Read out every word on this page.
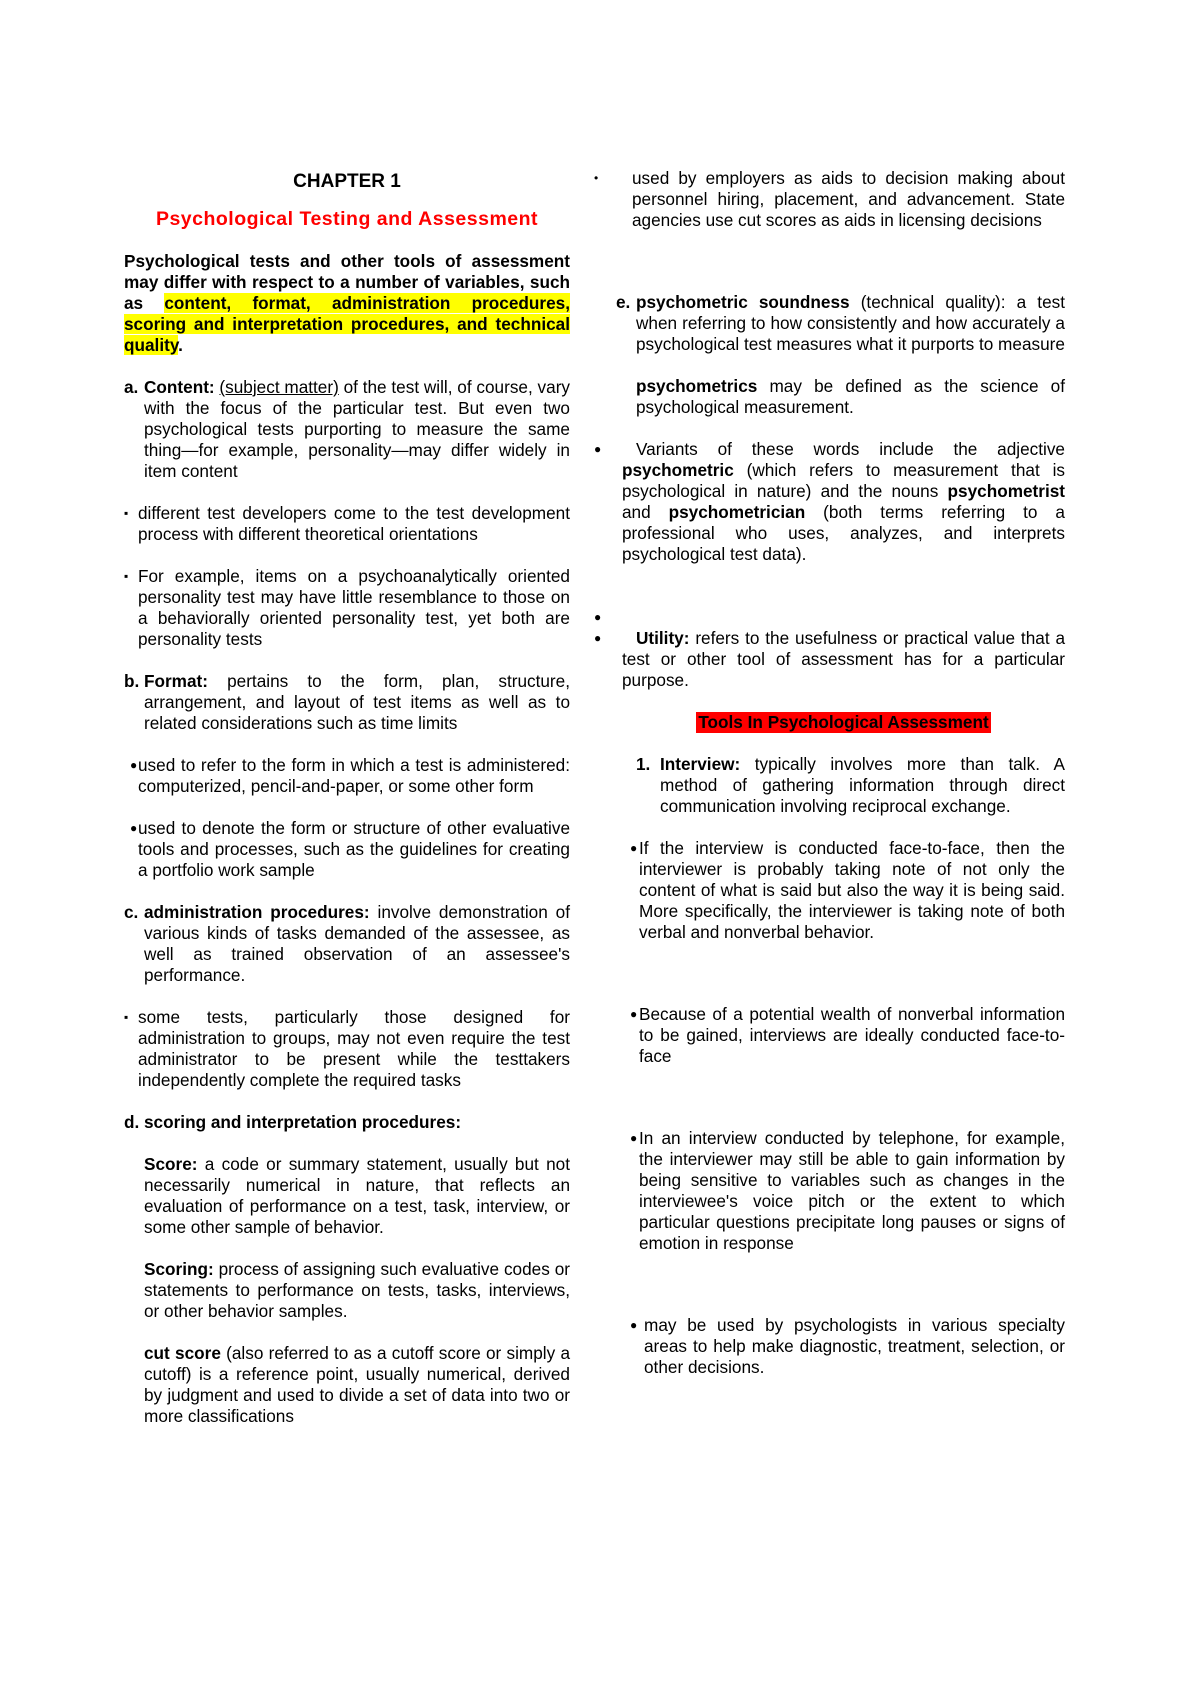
CHAPTER 1

Psychological Testing and Assessment

Psychological tests and other tools of assessment may differ with respect to a number of variables, such as content, format, administration procedures, scoring and interpretation procedures, and technical quality.

a. Content: (subject matter) of the test will, of course, vary with the focus of the particular test. But even two psychological tests purporting to measure the same thing—for example, personality—may differ widely in item content

▪ different test developers come to the test development process with different theoretical orientations

▪ For example, items on a psychoanalytically oriented personality test may have little resemblance to those on a behaviorally oriented personality test, yet both are personality tests

b. Format: pertains to the form, plan, structure, arrangement, and layout of test items as well as to related considerations such as time limits

● used to refer to the form in which a test is administered: computerized, pencil-and-paper, or some other form

● used to denote the form or structure of other evaluative tools and processes, such as the guidelines for creating a portfolio work sample

c. administration procedures: involve demonstration of various kinds of tasks demanded of the assessee, as well as trained observation of an assessee's performance.

▪ some tests, particularly those designed for administration to groups, may not even require the test administrator to be present while the testtakers independently complete the required tasks

d. scoring and interpretation procedures:

Score: a code or summary statement, usually but not necessarily numerical in nature, that reflects an evaluation of performance on a test, task, interview, or some other sample of behavior.

Scoring: process of assigning such evaluative codes or statements to performance on tests, tasks, interviews, or other behavior samples.

cut score (also referred to as a cutoff score or simply a cutoff) is a reference point, usually numerical, derived by judgment and used to divide a set of data into two or more classifications

•	used by employers as aids to decision making about personnel hiring, placement, and advancement. State agencies use cut scores as aids in licensing decisions

e. psychometric soundness (technical quality): a test when referring to how consistently and how accurately a psychological test measures what it purports to measure

psychometrics may be defined as the science of psychological measurement.

●	Variants of these words include the adjective psychometric (which refers to measurement that is psychological in nature) and the nouns psychometrist and psychometrician (both terms referring to a professional who uses, analyzes, and interprets psychological test data).

●
●	Utility: refers to the usefulness or practical value that a test or other tool of assessment has for a particular purpose.

Tools In Psychological Assessment

1. Interview: typically involves more than talk. A method of gathering information through direct communication involving reciprocal exchange.

● If the interview is conducted face-to-face, then the interviewer is probably taking note of not only the content of what is said but also the way it is being said. More specifically, the interviewer is taking note of both verbal and nonverbal behavior.

● Because of a potential wealth of nonverbal information to be gained, interviews are ideally conducted face-to-face

● In an interview conducted by telephone, for example, the interviewer may still be able to gain information by being sensitive to variables such as changes in the interviewee's voice pitch or the extent to which particular questions precipitate long pauses or signs of emotion in response

● may be used by psychologists in various specialty areas to help make diagnostic, treatment, selection, or other decisions.
